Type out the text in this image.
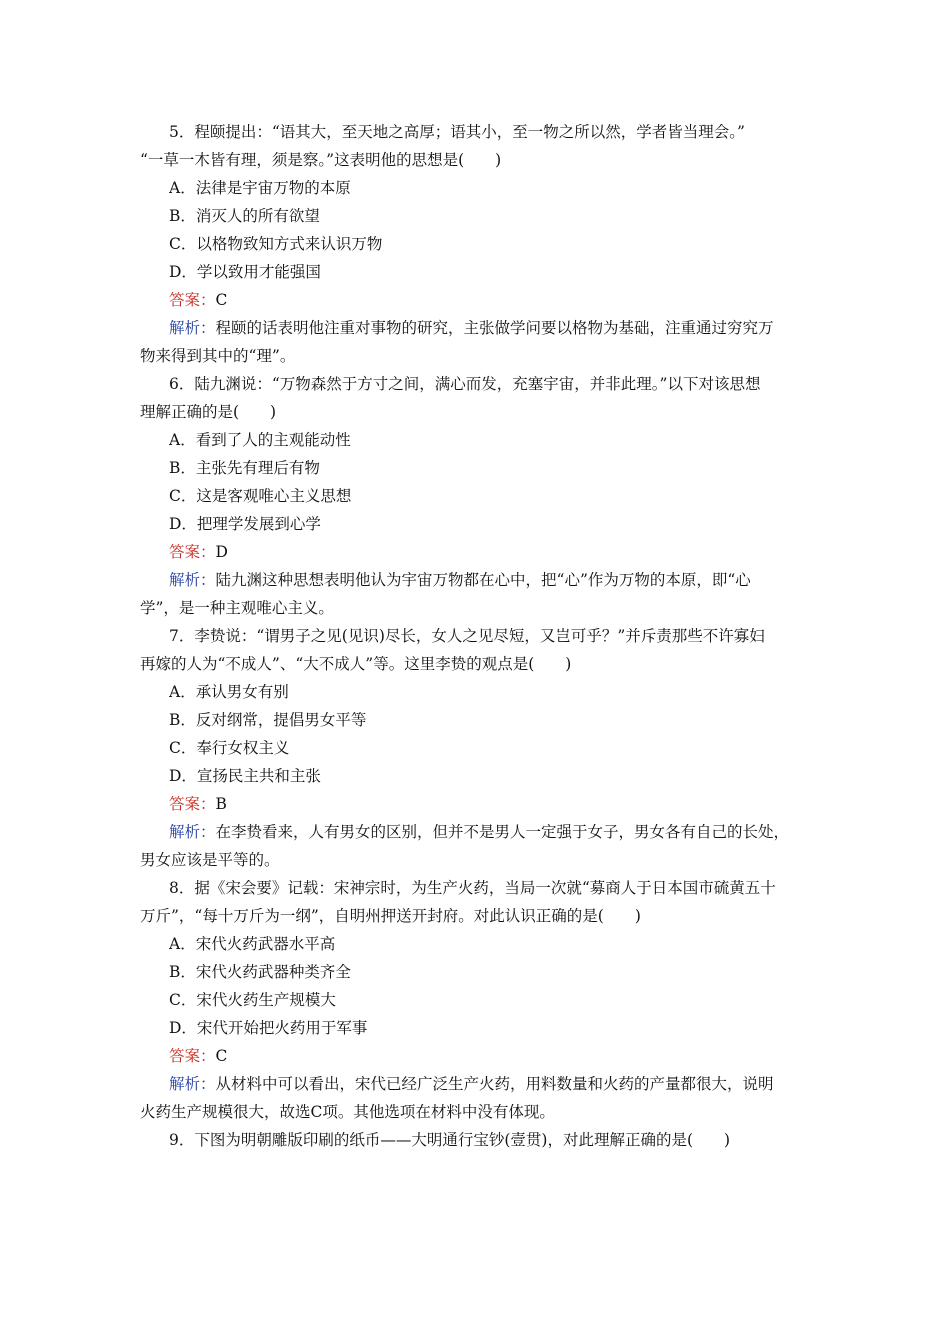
5．程颐提出：“语其大，至天地之高厚；语其小，至一物之所以然，学者皆当理会。”
“一草一木皆有理，须是察。”这表明他的思想是(　　)
A．法律是宇宙万物的本原
B．消灭人的所有欲望
C．以格物致知方式来认识万物
D．学以致用才能强国
答案：C
解析：程颐的话表明他注重对事物的研究，主张做学问要以格物为基础，注重通过穷究万
物来得到其中的“理”。
6．陆九渊说：“万物森然于方寸之间，满心而发，充塞宇宙，并非此理。”以下对该思想
理解正确的是(　　)
A．看到了人的主观能动性
B．主张先有理后有物
C．这是客观唯心主义思想
D．把理学发展到心学
答案：D
解析：陆九渊这种思想表明他认为宇宙万物都在心中，把“心”作为万物的本原，即“心
学”，是一种主观唯心主义。
7．李贽说：“谓男子之见(见识)尽长，女人之见尽短，又岂可乎？”并斥责那些不许寡妇
再嫁的人为“不成人”、“大不成人”等。这里李贽的观点是(　　)
A．承认男女有别
B．反对纲常，提倡男女平等
C．奉行女权主义
D．宣扬民主共和主张
答案：B
解析：在李贽看来，人有男女的区别，但并不是男人一定强于女子，男女各有自己的长处，
男女应该是平等的。
8．据《宋会要》记载：宋神宗时，为生产火药，当局一次就“募商人于日本国市硫黄五十
万斤”，“每十万斤为一纲”，自明州押送开封府。对此认识正确的是(　　)
A．宋代火药武器水平高
B．宋代火药武器种类齐全
C．宋代火药生产规模大
D．宋代开始把火药用于军事
答案：C
解析：从材料中可以看出，宋代已经广泛生产火药，用料数量和火药的产量都很大，说明
火药生产规模很大，故选C项。其他选项在材料中没有体现。
9．下图为明朝雕版印刷的纸币——大明通行宝钞(壹贯)，对此理解正确的是(　　)
